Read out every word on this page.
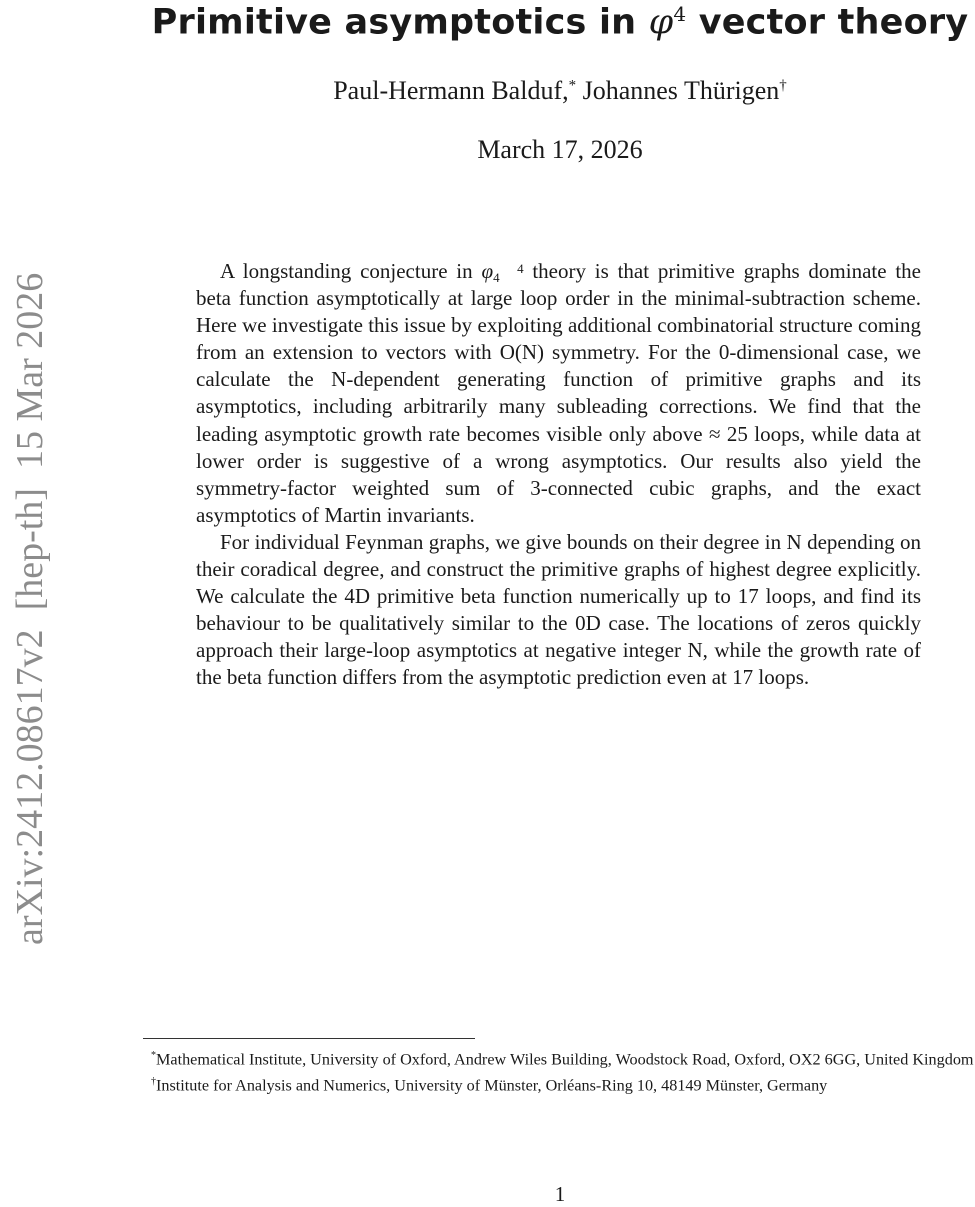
Primitive asymptotics in $\varphi^4$ vector theory
Paul-Hermann Balduf,* Johannes Thürigen†
March 17, 2026
arXiv:2412.08617v2  [hep-th]  15 Mar 2026

A longstanding conjecture in φ 4
4 theory is that primitive graphs dominate the beta function asymptotically at large loop order in the minimal-subtraction scheme. Here we investigate this issue by exploiting additional combinatorial structure coming from an extension to vectors with O(N) symmetry. For the 0-dimensional case, we calculate the N-dependent generating function of primitive graphs and its asymptotics, including arbitrarily many subleading corrections. We find that the leading asymptotic growth rate becomes visible only above ≈ 25 loops, while data at lower order is suggestive of a wrong asymptotics. Our results also yield the symmetry-factor weighted sum of 3-connected cubic graphs, and the exact asymptotics of Martin invariants.

For individual Feynman graphs, we give bounds on their degree in N depending on their coradical degree, and construct the primitive graphs of highest degree explicitly. We calculate the 4D primitive beta function numerically up to 17 loops, and find its behaviour to be qualitatively similar to the 0D case. The locations of zeros quickly approach their large-loop asymptotics at negative integer N, while the growth rate of the beta function differs from the asymptotic prediction even at 17 loops.

*Mathematical Institute, University of Oxford, Andrew Wiles Building, Woodstock Road, Oxford, OX2 6GG, United Kingdom

†Institute for Analysis and Numerics, University of Münster, Orléans-Ring 10, 48149 Münster, Germany

1
